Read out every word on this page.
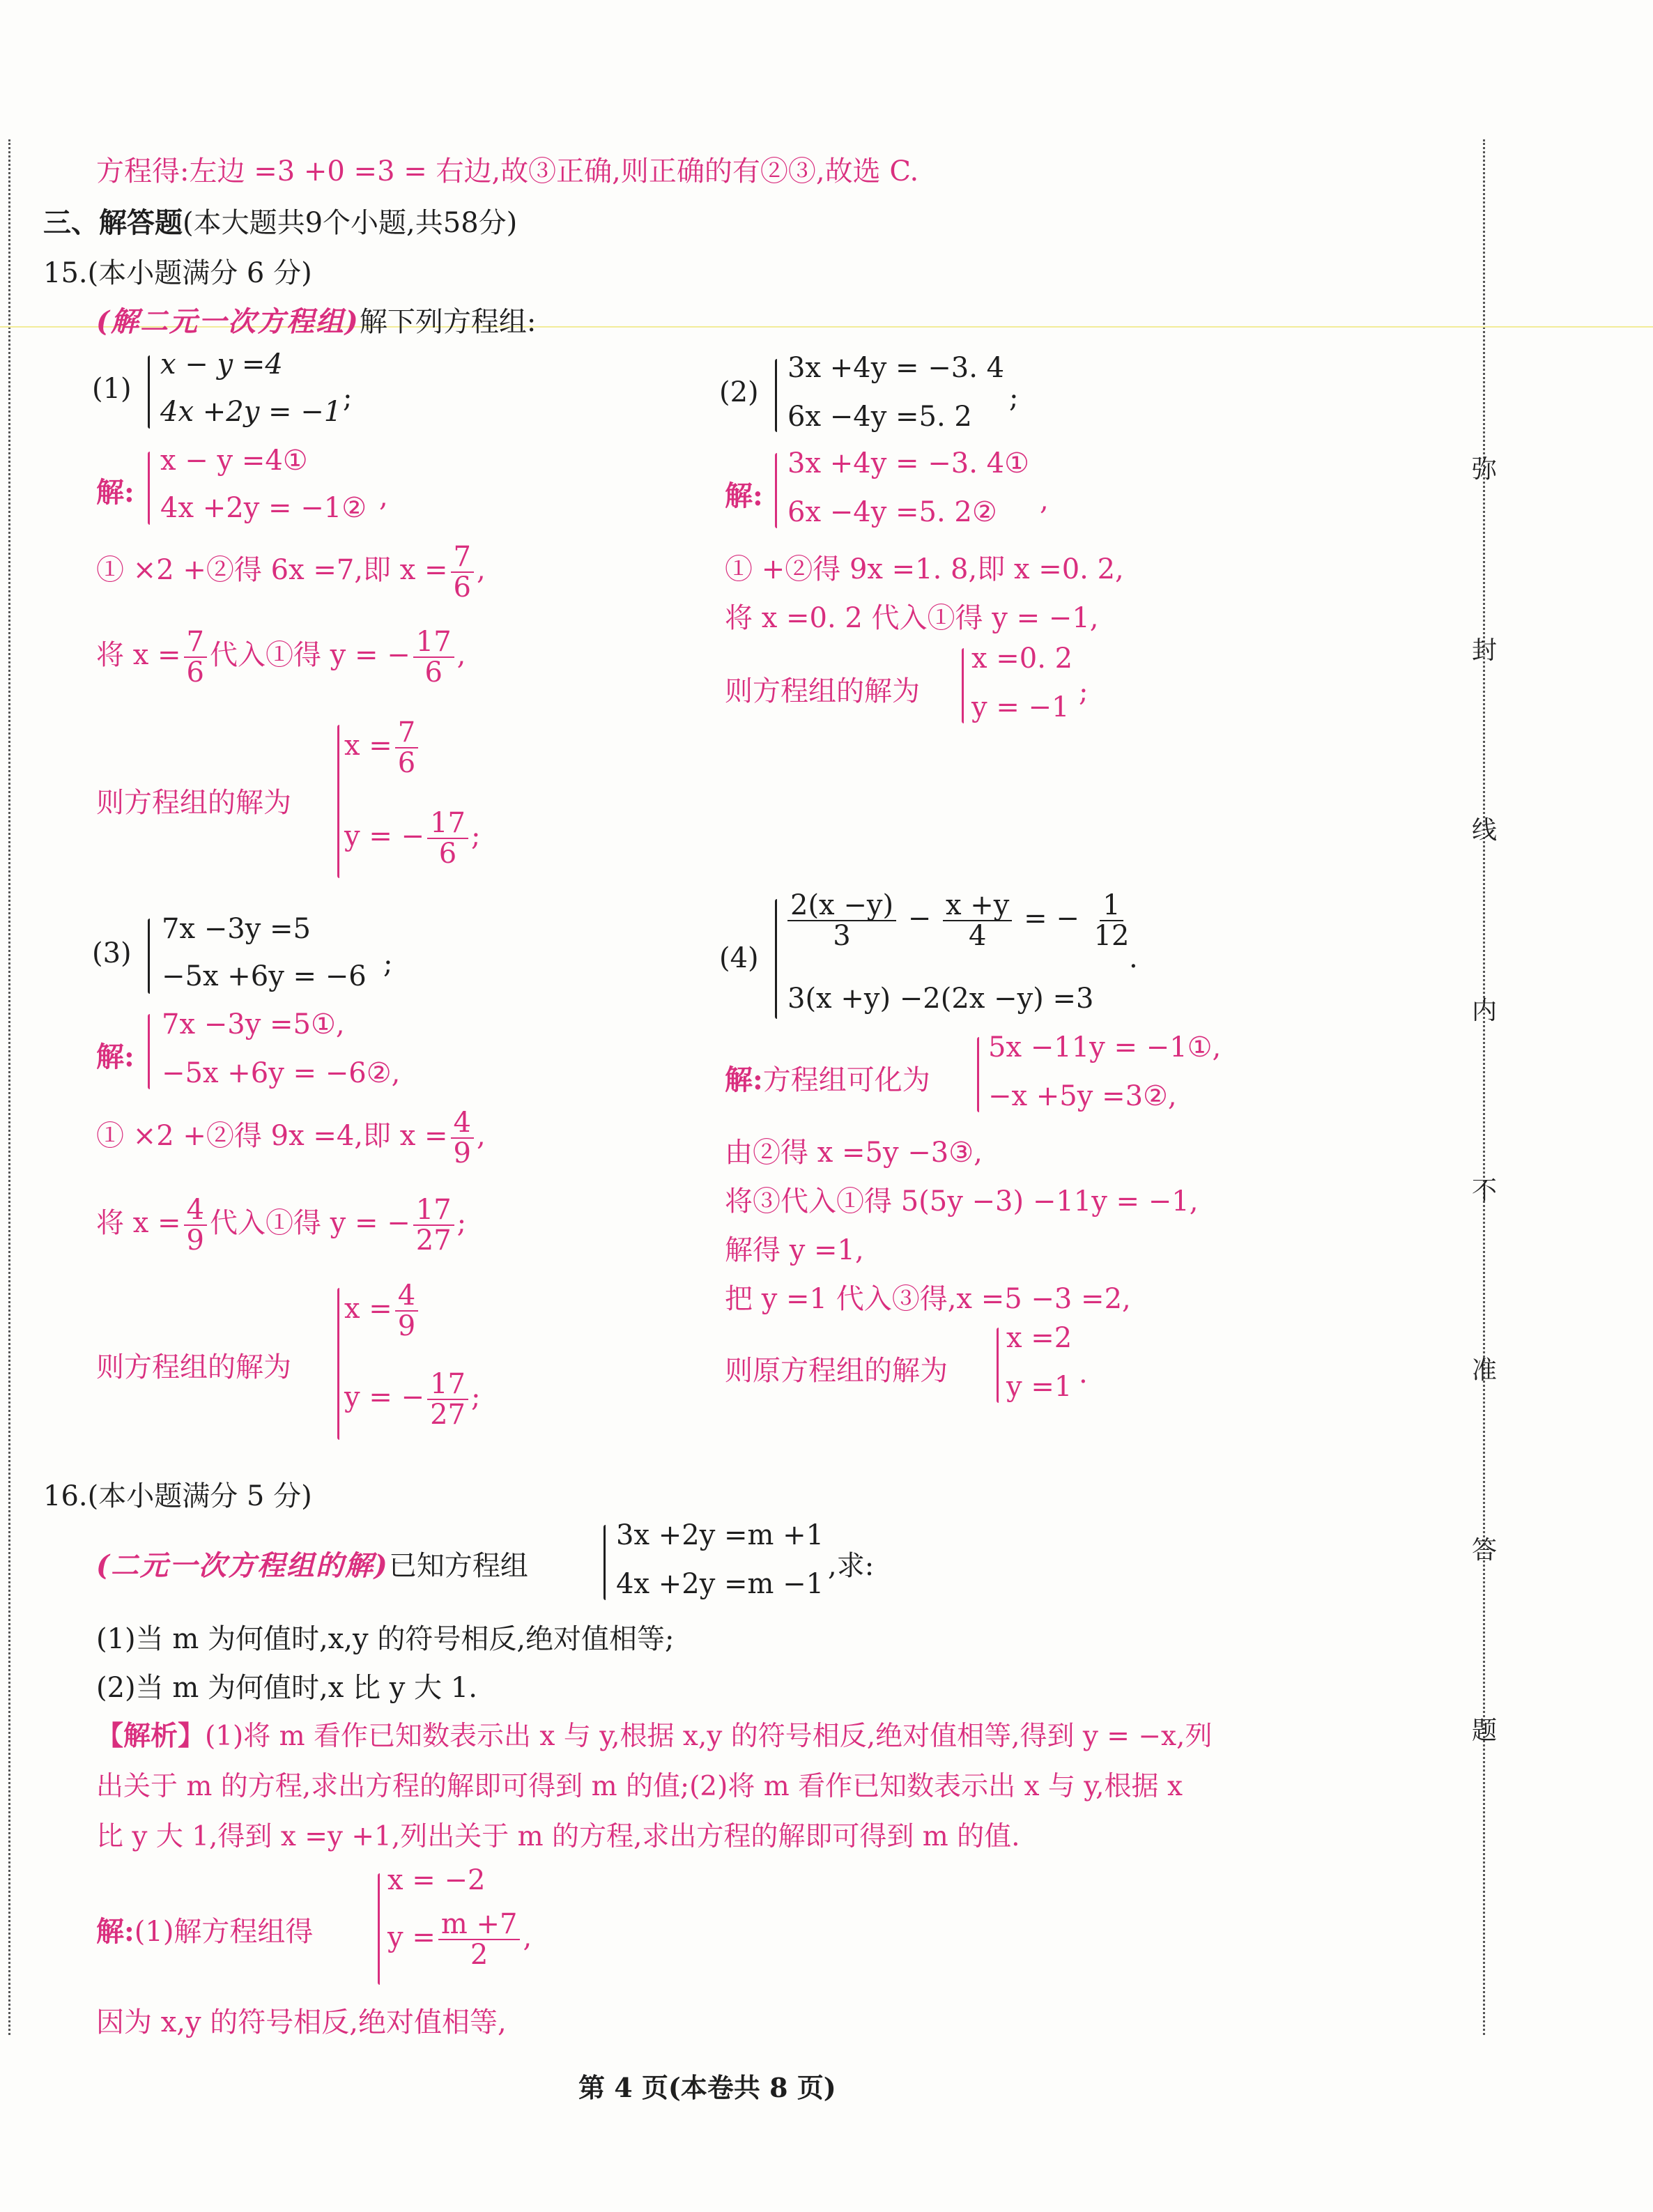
弥
封
线
内
不
准
答
题
方程得:左边 =3 +0 =3 = 右边,故③正确,则正确的有②③,故选 C.
三、解答题(本大题共9个小题,共58分)
15.(本小题满分 6 分)
(解二元一次方程组)解下列方程组:
(1)
x − y =4
4x +2y = −1 ;
解:
x − y =4①
4x +2y = −1② ,
① ×2 +②得 6x =7,即 $x = \frac{7}{6}$ ,
将 $x = \frac{7}{6}$ 代入①得 y = − $\frac{17}{6}$ ,
则方程组的解为
$x = \frac{7}{6}$
y = − $\frac{17}{6}$ ;
(2)
3x +4y = −3. 4
6x −4y =5. 2
;
解:
3x +4y = −3. 4①
6x −4y =5. 2② ,
① +②得 9x =1. 8,即 x =0. 2,
将 x =0. 2 代入①得 y = −1,
则方程组的解为
x =0. 2
y = −1 ;
(3)
7x −3y =5
−5x +6y = −6 ;
解:
7x −3y =5①,
−5x +6y = −6②,
① ×2 +②得 9x =4,即 $x = \frac{4}{9}$ ,
将 $x = \frac{4}{9}$ 代入①得 y = − $\frac{17}{27}$ ;
则方程组的解为
$x = \frac{4}{9}$
y = − $\frac{17}{27}$ ;
(4)
$\frac{2(x -y)}{3} - \frac{x +y}{4}$ = − $\frac{1}{12}$
3(x +y) −2(2x −y) =3
.
解:方程组可化为
5x −11y = −1①,
−x +5y =3②,
由②得 x =5y −3③,
将③代入①得 5(5y −3) −11y = −1,
解得 y =1,
把 y =1 代入③得,x =5 −3 =2,
则原方程组的解为
x =2
y =1 .
16.(本小题满分 5 分)
(二元一次方程组的解)已知方程组
3x +2y =m +1
4x +2y =m −1
,求:
(1)当 m 为何值时,x,y 的符号相反,绝对值相等;
(2)当 m 为何值时,x 比 y 大 1.
【解析】(1)将 m 看作已知数表示出 x 与 y,根据 x,y 的符号相反,绝对值相等,得到 y = −x,列
出关于 m 的方程,求出方程的解即可得到 m 的值;(2)将 m 看作已知数表示出 x 与 y,根据 x
比 y 大 1,得到 x =y +1,列出关于 m 的方程,求出方程的解即可得到 m 的值.
解:(1)解方程组得
x = −2
$y = \frac{m +7}{2}$ ,
因为 x,y 的符号相反,绝对值相等,
第 4 页(本卷共 8 页)
